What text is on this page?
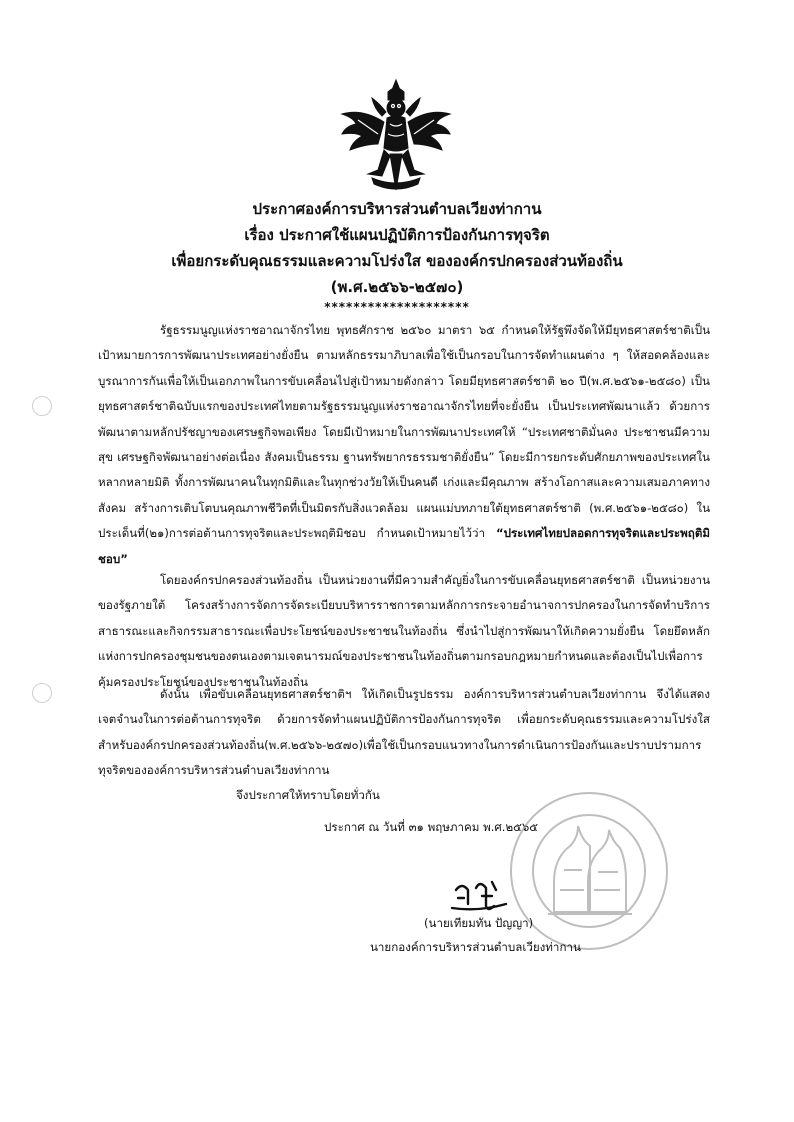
ประกาศองค์การบริหารส่วนตำบลเวียงท่ากาน
เรื่อง ประกาศใช้แผนปฏิบัติการป้องกันการทุจริต
เพื่อยกระดับคุณธรรมและความโปร่งใส ขององค์กรปกครองส่วนท้องถิ่น
(พ.ศ.๒๕๖๖-๒๕๗๐)
********************

รัฐธรรมนูญแห่งราชอาณาจักรไทย พุทธศักราช ๒๕๖๐ มาตรา ๖๕ กำหนดให้รัฐพึงจัดให้มียุทธศาสตร์ชาติเป็นเป้าหมายการการพัฒนาประเทศอย่างยั่งยืน ตามหลักธรรมาภิบาลเพื่อใช้เป็นกรอบในการจัดทำแผนต่าง ๆ ให้สอดคล้องและบูรณาการกันเพื่อให้เป็นเอกภาพในการขับเคลื่อนไปสู่เป้าหมายดังกล่าว โดยมียุทธศาสตร์ชาติ ๒๐ ปี(พ.ศ.๒๕๖๑-๒๕๘๐) เป็นยุทธศาสตร์ชาติฉบับแรกของประเทศไทยตามรัฐธรรมนูญแห่งราชอาณาจักรไทยที่จะยั่งยืน เป็นประเทศพัฒนาแล้ว ด้วยการพัฒนาตามหลักปรัชญาของเศรษฐกิจพอเพียง โดยมีเป้าหมายในการพัฒนาประเทศให้ “ประเทศชาติมั่นคง ประชาชนมีความสุข เศรษฐกิจพัฒนาอย่างต่อเนื่อง สังคมเป็นธรรม ฐานทรัพยากรธรรมชาติยั่งยืน” โดยะมีการยกระดับศักยภาพของประเทศในหลากหลายมิติ ทั้งการพัฒนาคนในทุกมิติและในทุกช่วงวัยให้เป็นคนดี เก่งและมีคุณภาพ สร้างโอกาสและความเสมอภาคทางสังคม สร้างการเติบโตบนคุณภาพชีวิตที่เป็นมิตรกับสิ่งแวดล้อม แผนแม่บทภายใต้ยุทธศาสตร์ชาติ (พ.ศ.๒๕๖๑-๒๕๘๐) ในประเด็นที่(๒๑)การต่อต้านการทุจริตและประพฤติมิชอบ กำหนดเป้าหมายไว้ว่า “ประเทศไทยปลอดการทุจริตและประพฤติมิชอบ”

โดยองค์กรปกครองส่วนท้องถิ่น เป็นหน่วยงานที่มีความสำคัญยิ่งในการขับเคลื่อนยุทธศาสตร์ชาติ เป็นหน่วยงานของรัฐภายใต้ โครงสร้างการจัดการจัดระเบียบบริหารราชการตามหลักการกระจายอำนาจการปกครองในการจัดทำบริการสาธารณะและกิจกรรมสาธารณะเพื่อประโยชน์ของประชาชนในท้องถิ่น ซึ่งนำไปสู่การพัฒนาให้เกิดความยั่งยืน โดยยึดหลักแห่งการปกครองชุมชนของตนเองตามเจตนารมณ์ของประชาชนในท้องถิ่นตามกรอบกฎหมายกำหนดและต้องเป็นไปเพื่อการคุ้มครองประโยชน์ของประชาชนในท้องถิ่น

ดังนั้น เพื่อขับเคลื่อนยุทธศาสตร์ชาติฯ ให้เกิดเป็นรูปธรรม องค์การบริหารส่วนตำบลเวียงท่ากาน จึงได้แสดงเจตจำนงในการต่อต้านการทุจริต ด้วยการจัดทำแผนปฏิบัติการป้องกันการทุจริต เพื่อยกระดับคุณธรรมและความโปร่งใส สำหรับองค์กรปกครองส่วนท้องถิ่น(พ.ศ.๒๕๖๖-๒๕๗๐)เพื่อใช้เป็นกรอบแนวทางในการดำเนินการป้องกันและปราบปรามการทุจริตขององค์การบริหารส่วนตำบลเวียงท่ากาน

จึงประกาศให้ทราบโดยทั่วกัน
ประกาศ ณ วันที่ ๓๑ พฤษภาคม พ.ศ.๒๕๖๕
(นายเทียมทัน ปัญญา)
นายกองค์การบริหารส่วนตำบลเวียงท่ากาน
